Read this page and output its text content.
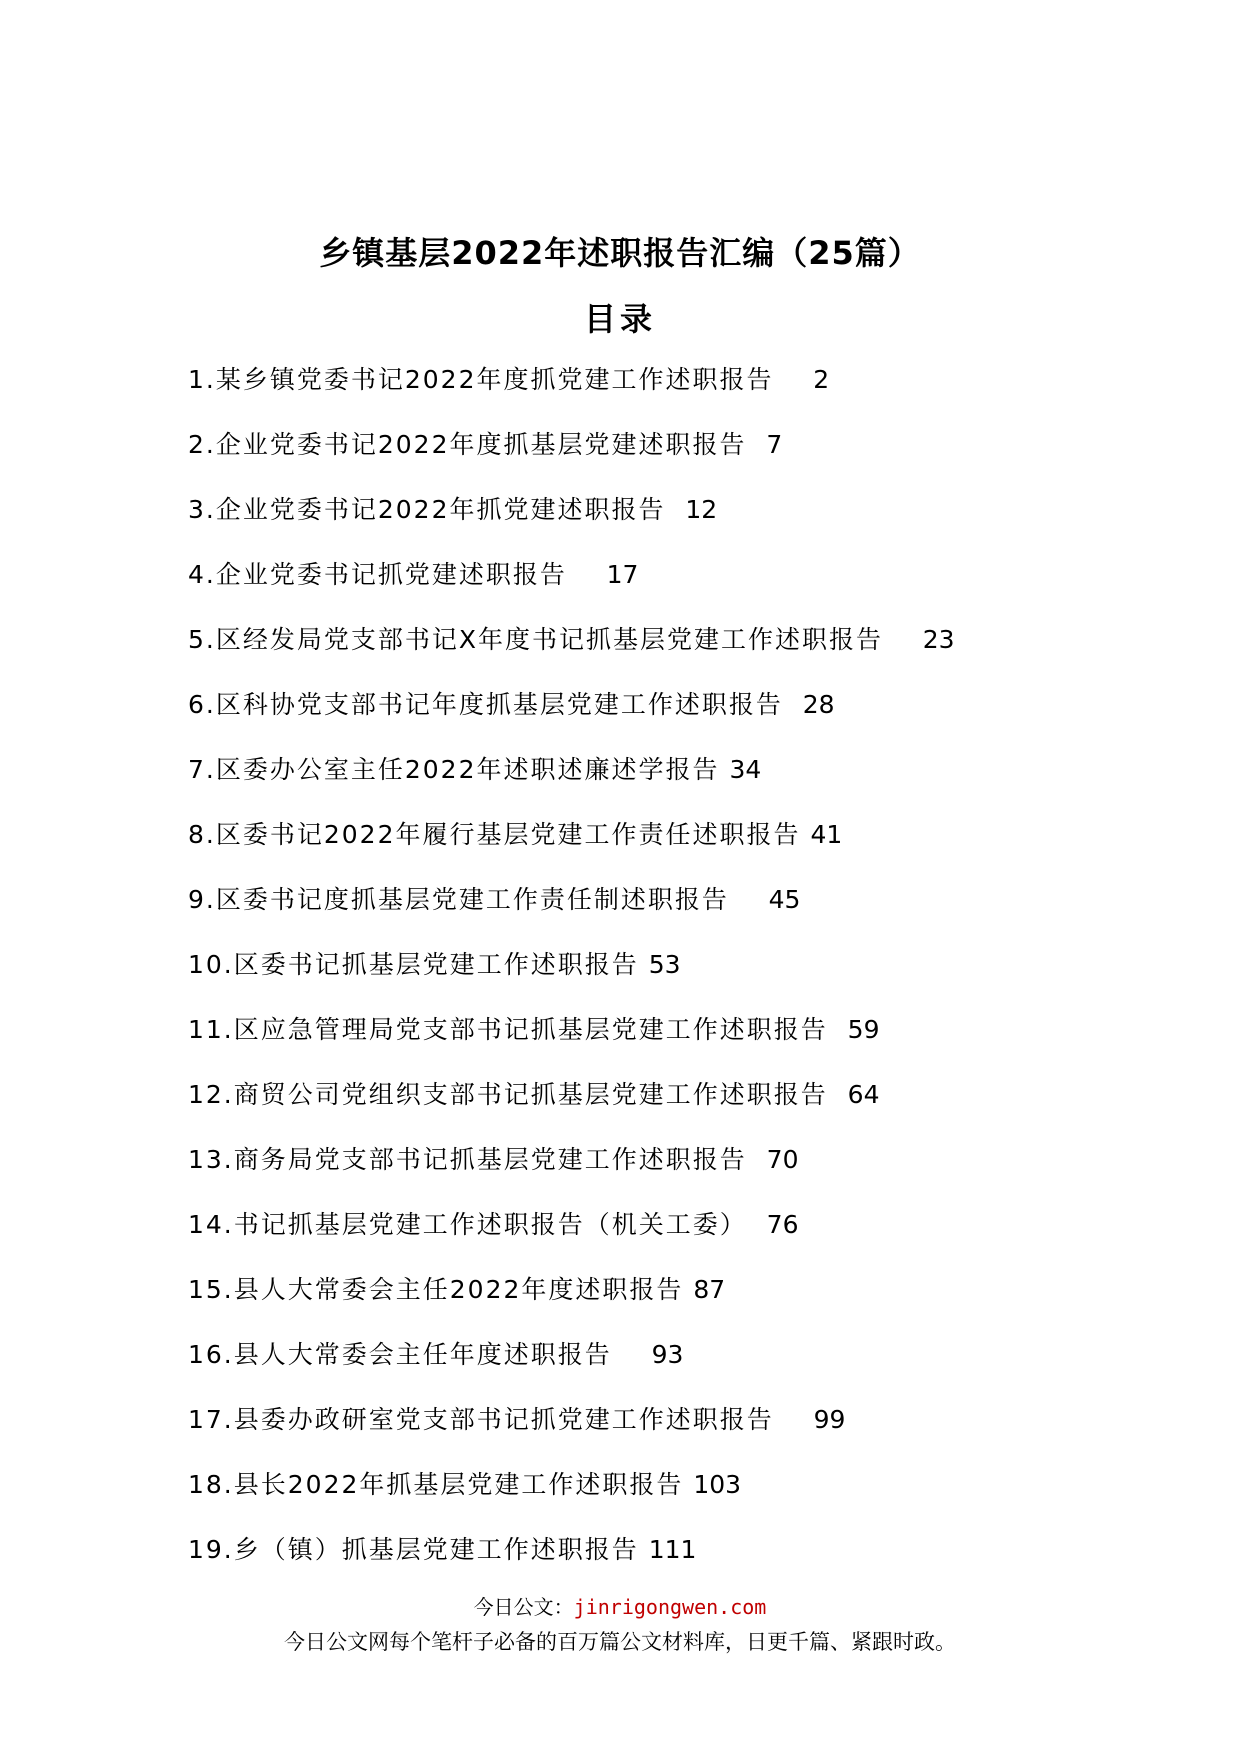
乡镇基层2022年述职报告汇编（25篇）
目录
1.某乡镇党委书记2022年度抓党建工作述职报告 2
2.企业党委书记2022年度抓基层党建述职报告 7
3.企业党委书记2022年抓党建述职报告 12
4.企业党委书记抓党建述职报告 17
5.区经发局党支部书记X年度书记抓基层党建工作述职报告 23
6.区科协党支部书记年度抓基层党建工作述职报告 28
7.区委办公室主任2022年述职述廉述学报告 34
8.区委书记2022年履行基层党建工作责任述职报告 41
9.区委书记度抓基层党建工作责任制述职报告 45
10.区委书记抓基层党建工作述职报告 53
11.区应急管理局党支部书记抓基层党建工作述职报告 59
12.商贸公司党组织支部书记抓基层党建工作述职报告 64
13.商务局党支部书记抓基层党建工作述职报告 70
14.书记抓基层党建工作述职报告（机关工委） 76
15.县人大常委会主任2022年度述职报告 87
16.县人大常委会主任年度述职报告 93
17.县委办政研室党支部书记抓党建工作述职报告 99
18.县长2022年抓基层党建工作述职报告 103
19.乡（镇）抓基层党建工作述职报告 111
今日公文：jinrigongwen.com
今日公文网每个笔杆子必备的百万篇公文材料库，日更千篇、紧跟时政。
